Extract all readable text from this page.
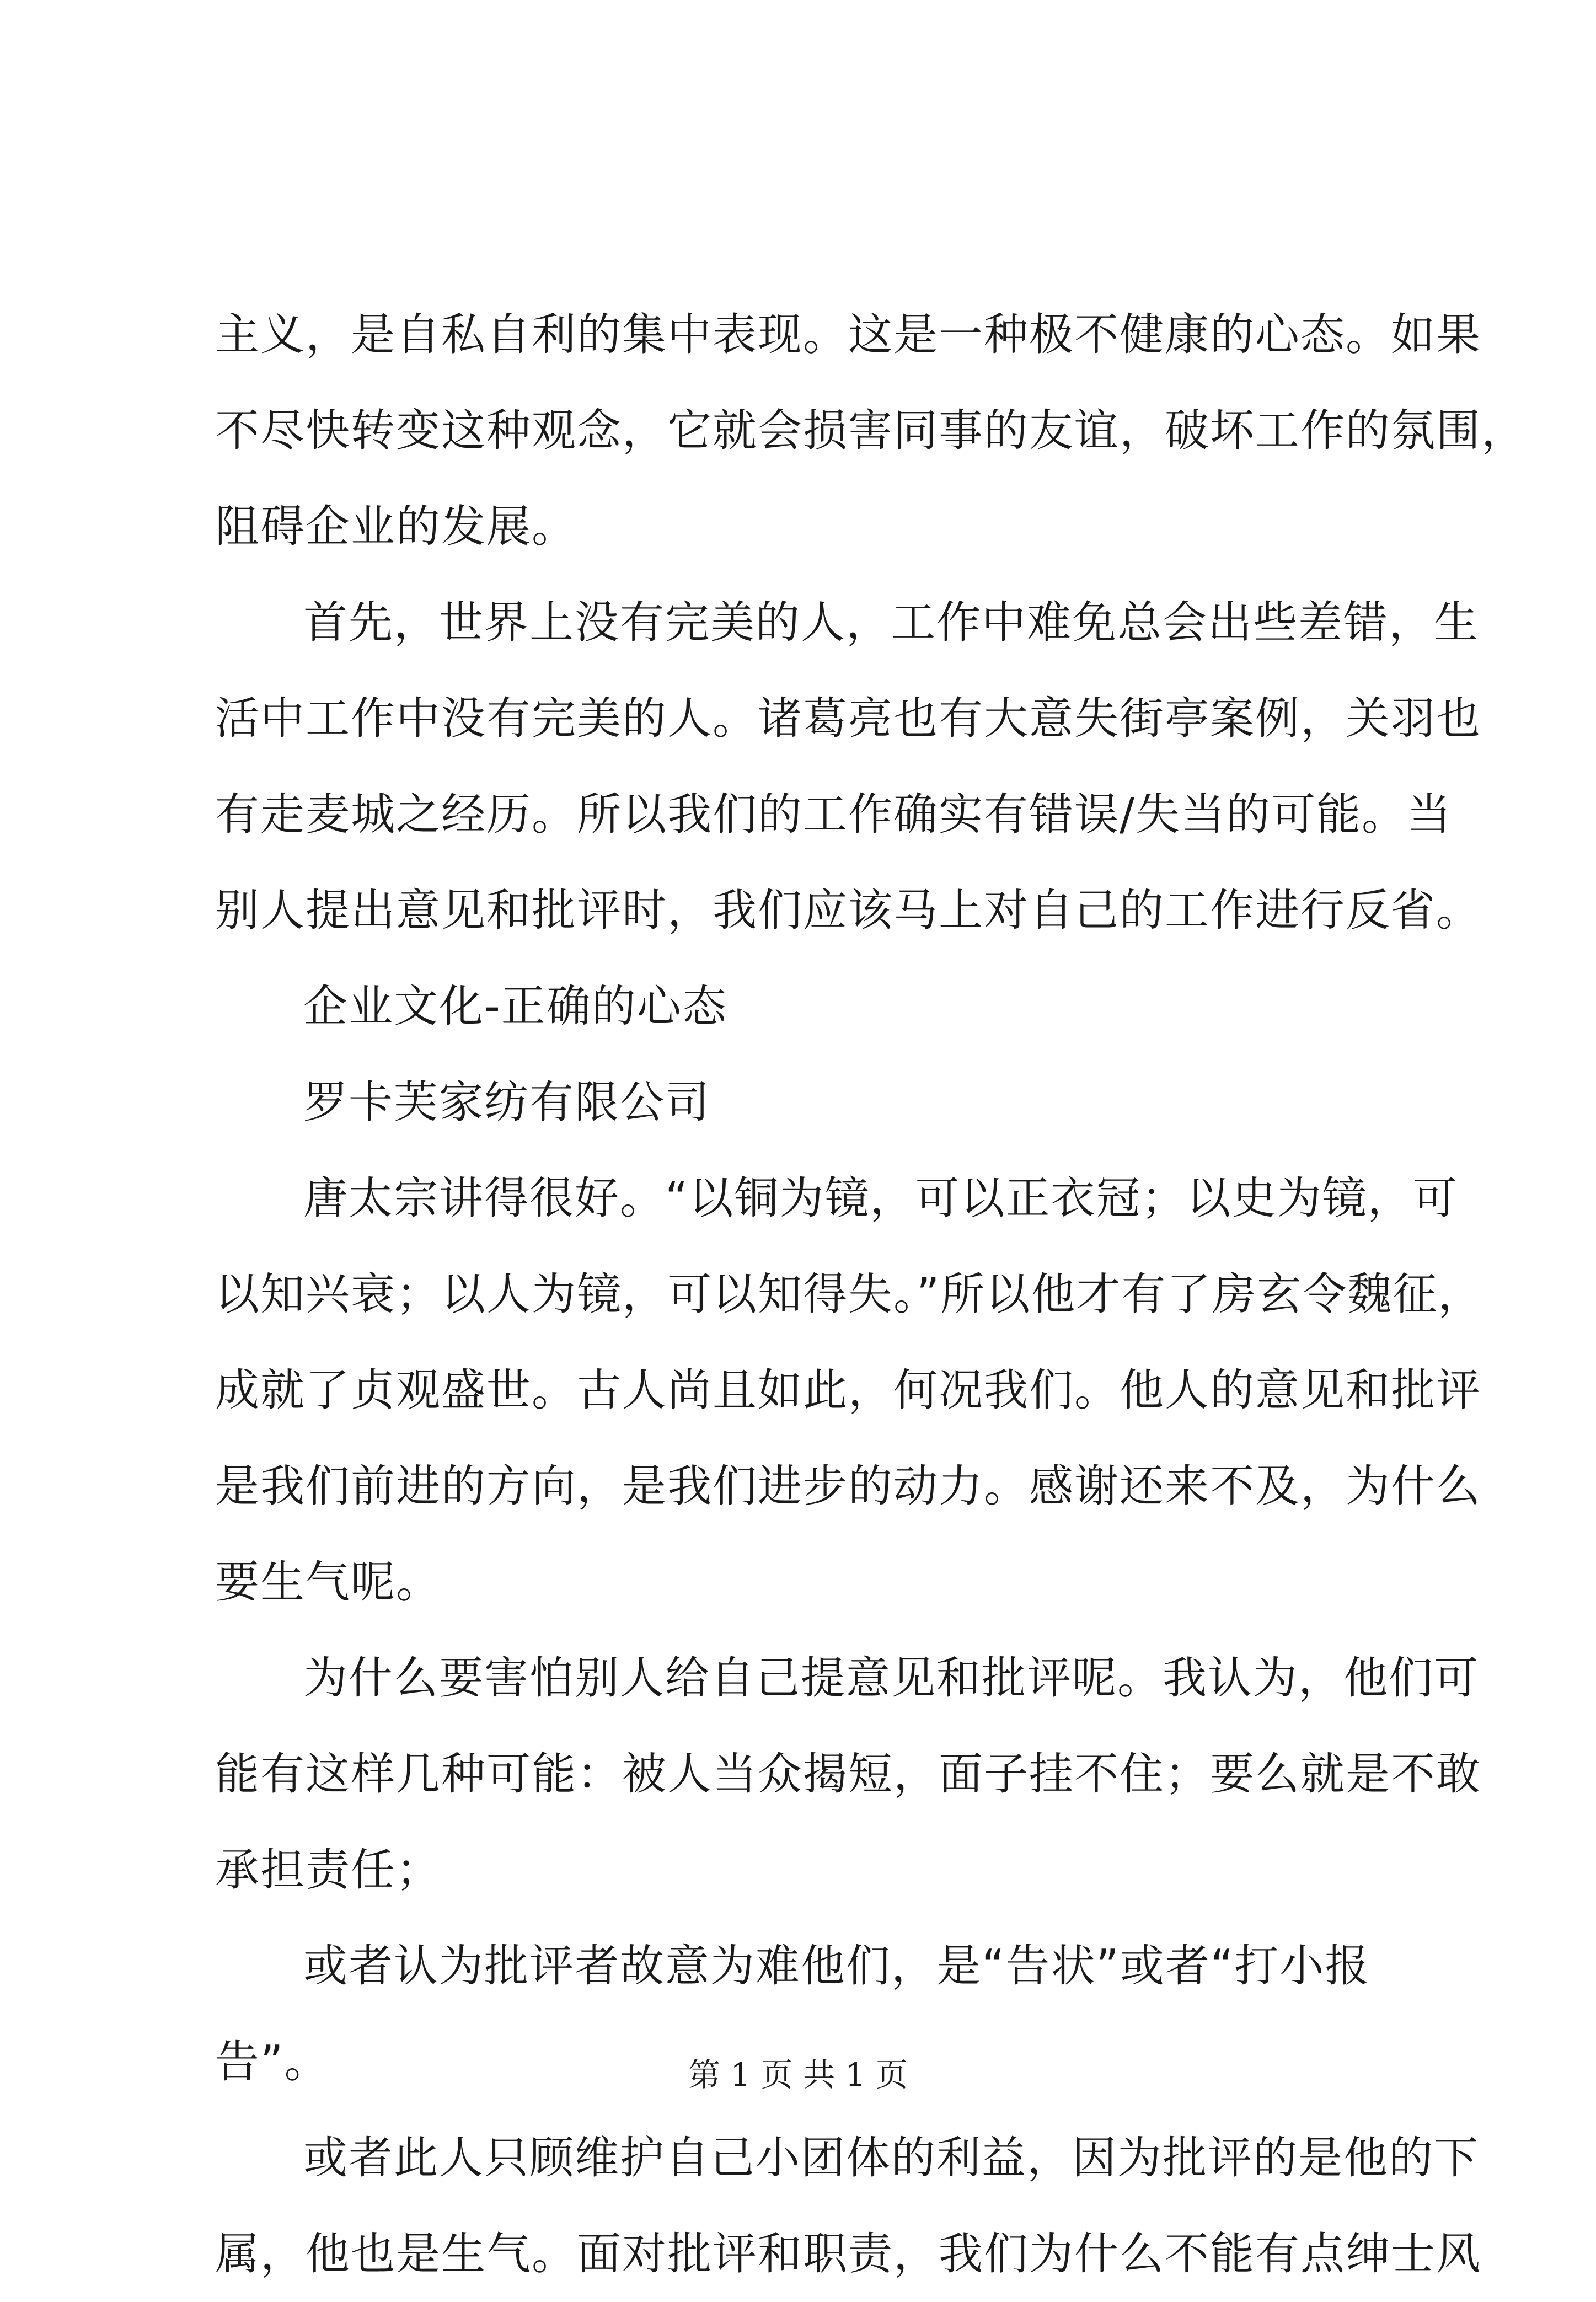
主义，是自私自利的集中表现。这是一种极不健康的心态。如果
不尽快转变这种观念，它就会损害同事的友谊，破坏工作的氛围，
阻碍企业的发展。
首先，世界上没有完美的人，工作中难免总会出些差错，生
活中工作中没有完美的人。诸葛亮也有大意失街亭案例，关羽也
有走麦城之经历。所以我们的工作确实有错误/失当的可能。当
别人提出意见和批评时，我们应该马上对自己的工作进行反省。
企业文化-正确的心态
罗卡芙家纺有限公司
唐太宗讲得很好。“以铜为镜，可以正衣冠；以史为镜，可
以知兴衰；以人为镜，可以知得失。”所以他才有了房玄令魏征，
成就了贞观盛世。古人尚且如此，何况我们。他人的意见和批评
是我们前进的方向，是我们进步的动力。感谢还来不及，为什么
要生气呢。
为什么要害怕别人给自己提意见和批评呢。我认为，他们可
能有这样几种可能：被人当众揭短，面子挂不住；要么就是不敢
承担责任；
或者认为批评者故意为难他们，是“告状”或者“打小报
告”。
或者此人只顾维护自己小团体的利益，因为批评的是他的下
属，他也是生气。面对批评和职责，我们为什么不能有点绅士风
第 1 页 共 1 页
